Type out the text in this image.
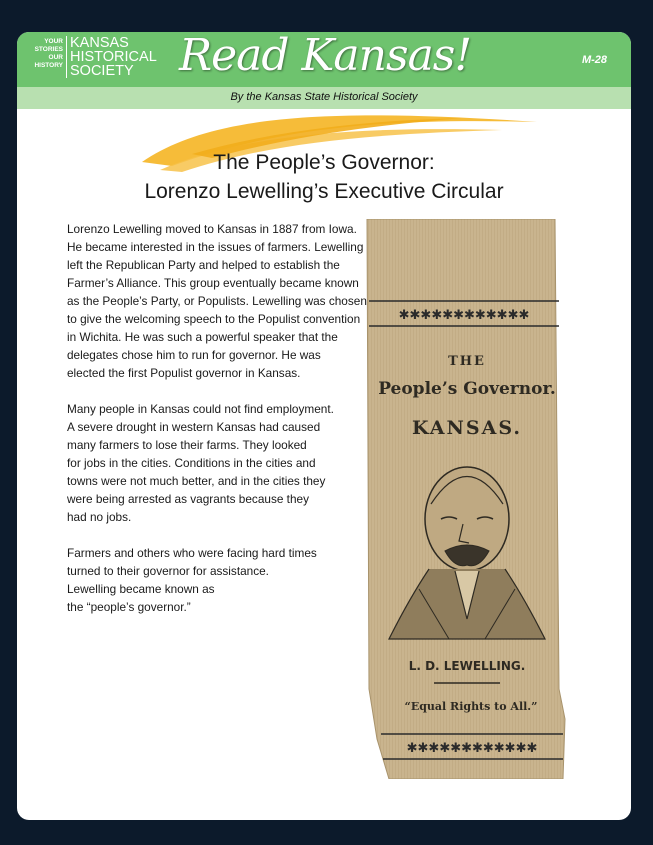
YOUR
STORIES
OUR
HISTORY
KANSAS
HISTORICAL
SOCIETY	Read Kansas!	M-28
By the Kansas State Historical Society
The People’s Governor:
Lorenzo Lewelling’s Executive Circular

Lorenzo Lewelling moved to Kansas in 1887 from Iowa.
He became interested in the issues of farmers. Lewelling
left the Republican Party and helped to establish the
Farmer’s Alliance. This group eventually became known
as the People’s Party, or Populists. Lewelling was chosen
to give the welcoming speech to the Populist convention
in Wichita. He was such a powerful speaker that the
delegates chose him to run for governor. He was
elected the first Populist governor in Kansas.

Many people in Kansas could not find employment.
A severe drought in western Kansas had caused
many farmers to lose their farms. They looked
for jobs in the cities. Conditions in the cities and
towns were not much better, and in the cities they
were being arrested as vagrants because they
had no jobs.

Farmers and others who were facing hard times
turned to their governor for assistance.
Lewelling became known as
the “people’s governor.”

✱✱✱✱✱✱✱✱✱✱✱✱
THE
People’s Governor.
KANSAS.
L. D. LEWELLING.
“Equal Rights to All.”
✱✱✱✱✱✱✱✱✱✱✱✱
